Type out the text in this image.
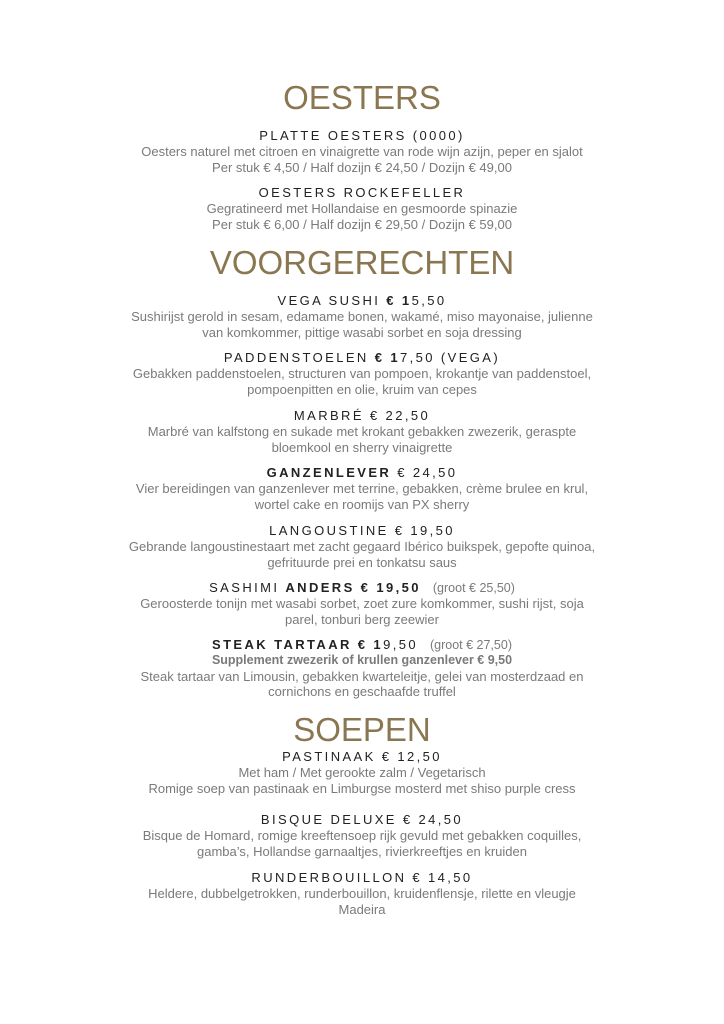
OESTERS

PLATTE OESTERS (0000)

Oesters naturel met citroen en vinaigrette van rode wijn azijn, peper en sjalot

Per stuk € 4,50 / Half dozijn € 24,50 / Dozijn € 49,00

OESTERS ROCKEFELLER

Gegratineerd met Hollandaise en gesmoorde spinazie

Per stuk € 6,00 / Half dozijn € 29,50 / Dozijn € 59,00

VOORGERECHTEN

VEGA SUSHI € 15,50

Sushirijst gerold in sesam, edamame bonen, wakamé, miso mayonaise, julienne

van komkommer, pittige wasabi sorbet en soja dressing

PADDENSTOELEN € 17,50 (VEGA)

Gebakken paddenstoelen, structuren van pompoen, krokantje van paddenstoel,

pompoenpitten en olie, kruim van cepes

MARBRÉ € 22,50

Marbré van kalfstong en sukade met krokant gebakken zwezerik, geraspte

bloemkool en sherry vinaigrette

GANZENLEVER € 24,50

Vier bereidingen van ganzenlever met terrine, gebakken, crème brulee en krul,

wortel cake en roomijs van PX sherry

LANGOUSTINE € 19,50

Gebrande langoustinestaart met zacht gegaard Ibérico buikspek, gepofte quinoa,

gefrituurde prei en tonkatsu saus

SASHIMI ANDERS € 19,50 (groot € 25,50)

Geroosterde tonijn met wasabi sorbet, zoet zure komkommer, sushi rijst, soja

parel, tonburi berg zeewier

STEAK TARTAAR € 19,50 (groot € 27,50)

Supplement zwezerik of krullen ganzenlever € 9,50

Steak tartaar van Limousin, gebakken kwarteleitje, gelei van mosterdzaad en

cornichons en geschaafde truffel

SOEPEN

PASTINAAK € 12,50

Met ham / Met gerookte zalm / Vegetarisch

Romige soep van pastinaak en Limburgse mosterd met shiso purple cress

BISQUE DELUXE € 24,50

Bisque de Homard, romige kreeftensoep rijk gevuld met gebakken coquilles,

gamba’s, Hollandse garnaaltjes, rivierkreeftjes en kruiden

RUNDERBOUILLON € 14,50

Heldere, dubbelgetrokken, runderbouillon, kruidenflensje, rilette en vleugje

Madeira
